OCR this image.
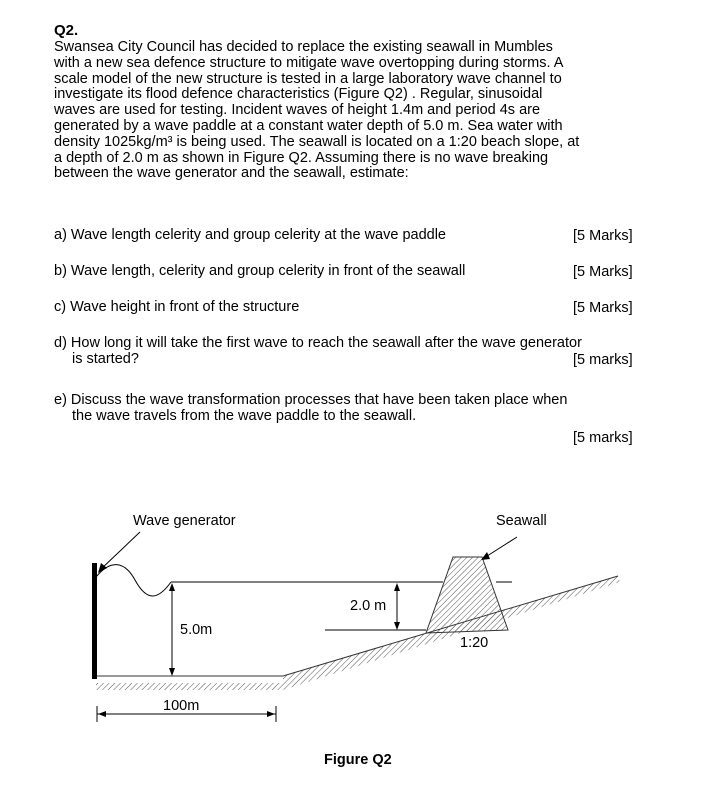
Q2.
Swansea City Council has decided to replace the existing seawall in Mumbles
with a new sea defence structure to mitigate wave overtopping during storms. A
scale model of the new structure is tested in a large laboratory wave channel to
investigate its flood defence characteristics (Figure Q2) . Regular, sinusoidal
waves are used for testing. Incident waves of height 1.4m and period 4s are
generated by a wave paddle at a constant water depth of 5.0 m. Sea water with
density 1025kg/m³ is being used. The seawall is located on a 1:20 beach slope, at
a depth of 2.0 m as shown in Figure Q2. Assuming there is no wave breaking
between the wave generator and the seawall, estimate:
a) Wave length celerity and group celerity at the wave paddle	[5 Marks]
b) Wave length, celerity and group celerity in front of the seawall	[5 Marks]
c) Wave height in front of the structure	[5 Marks]
d) How long it will take the first wave to reach the seawall after the wave generator
is started?	[5 marks]
e) Discuss the wave transformation processes that have been taken place when
the wave travels from the wave paddle to the seawall.
[5 marks]
Wave generator	Seawall
2.0 m
5.0m
1:20
100m
Figure Q2
